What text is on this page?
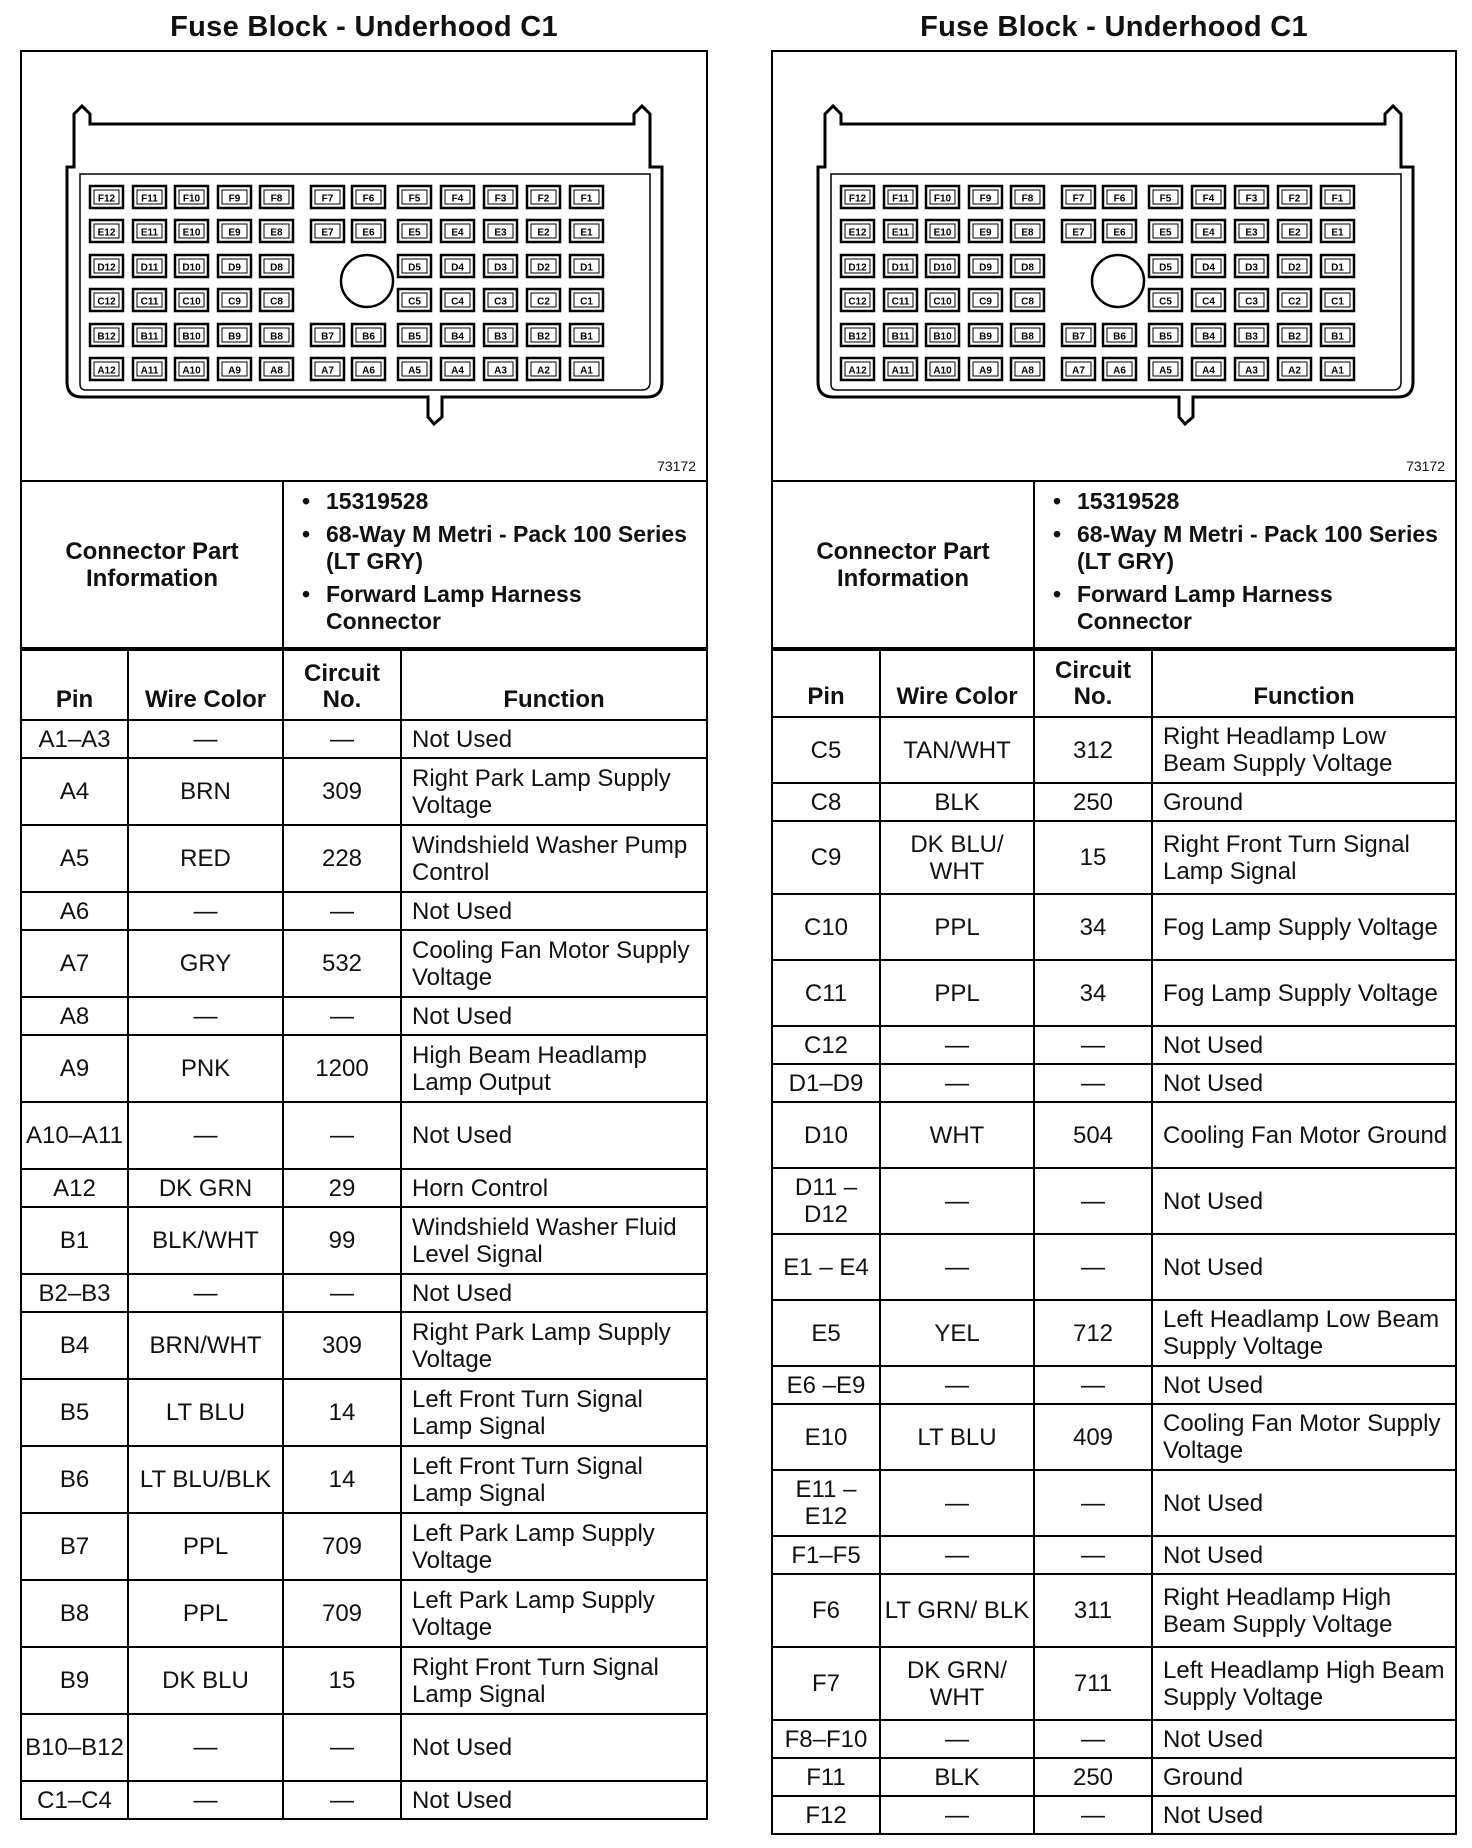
Fuse Block - Underhood C1
F12	F11	F10	F9	F8	F7	F6	F5	F4	F3	F2	F1
E12	E11 E10	E9	E8	E7	E6	E5	E4	E3	E2	E1
D12 D11 D10	D9	D8	D5	D4	D3	D2	D1
C12 C11 C10	C9	C8	C5	C4	C3	C2	C1
B12 B11 B10	B9	B8	B7	B6	B5	B4	B3	B2	B1
A12 A11 A10	A9	A8	A7	A6	A5	A4	A3	A2	A1
73172
Connector Part Information	
• 15319528
• 68-Way M Metri - Pack 100 Series (LT GRY)
• Forward Lamp Harness Connector
Pin	Wire Color	Circuit No.	Function
A1–A3	—	—	Not Used
A4	BRN	309	Right Park Lamp Supply Voltage
A5	RED	228	Windshield Washer Pump Control
A6	—	—	Not Used
A7	GRY	532	Cooling Fan Motor Supply Voltage
A8	—	—	Not Used
A9	PNK	1200	High Beam Headlamp Lamp Output
A10–A11	—	—	Not Used
A12	DK GRN	29	Horn Control
B1	BLK/WHT	99	Windshield Washer Fluid Level Signal
B2–B3	—	—	Not Used
B4	BRN/WHT	309	Right Park Lamp Supply Voltage
B5	LT BLU	14	Left Front Turn Signal Lamp Signal
B6	LT BLU/BLK	14	Left Front Turn Signal Lamp Signal
B7	PPL	709	Left Park Lamp Supply Voltage
B8	PPL	709	Left Park Lamp Supply Voltage
B9	DK BLU	15	Right Front Turn Signal Lamp Signal
B10–B12	—	—	Not Used
C1–C4	—	—	Not Used
Fuse Block - Underhood C1
F12	F11	F10	F9	F8	F7	F6	F5	F4	F3	F2	F1
E12	E11 E10	E9	E8	E7	E6	E5	E4	E3	E2	E1
D12 D11 D10	D9	D8	D5	D4	D3	D2	D1
C12 C11 C10	C9	C8	C5	C4	C3	C2	C1
B12 B11 B10	B9	B8	B7	B6	B5	B4	B3	B2	B1
A12 A11 A10	A9	A8	A7	A6	A5	A4	A3	A2	A1
73172
Connector Part Information	
• 15319528
• 68-Way M Metri - Pack 100 Series (LT GRY)
• Forward Lamp Harness Connector
Pin	Wire Color	Circuit No.	Function
C5	TAN/WHT	312	Right Headlamp Low Beam Supply Voltage
C8	BLK	250	Ground
C9	DK BLU/ WHT	15	Right Front Turn Signal Lamp Signal
C10	PPL	34	Fog Lamp Supply Voltage
C11	PPL	34	Fog Lamp Supply Voltage
C12	—	—	Not Used
D1–D9	—	—	Not Used
D10	WHT	504	Cooling Fan Motor Ground
D11 – D12	—	—	Not Used
E1 – E4	—	—	Not Used
E5	YEL	712	Left Headlamp Low Beam Supply Voltage
E6 –E9	—	—	Not Used
E10	LT BLU	409	Cooling Fan Motor Supply Voltage
E11 – E12	—	—	Not Used
F1–F5	—	—	Not Used
F6	LT GRN/ BLK	311	Right Headlamp High Beam Supply Voltage
F7	DK GRN/ WHT	711	Left Headlamp High Beam Supply Voltage
F8–F10	—	—	Not Used
F11	BLK	250	Ground
F12	—	—	Not Used
